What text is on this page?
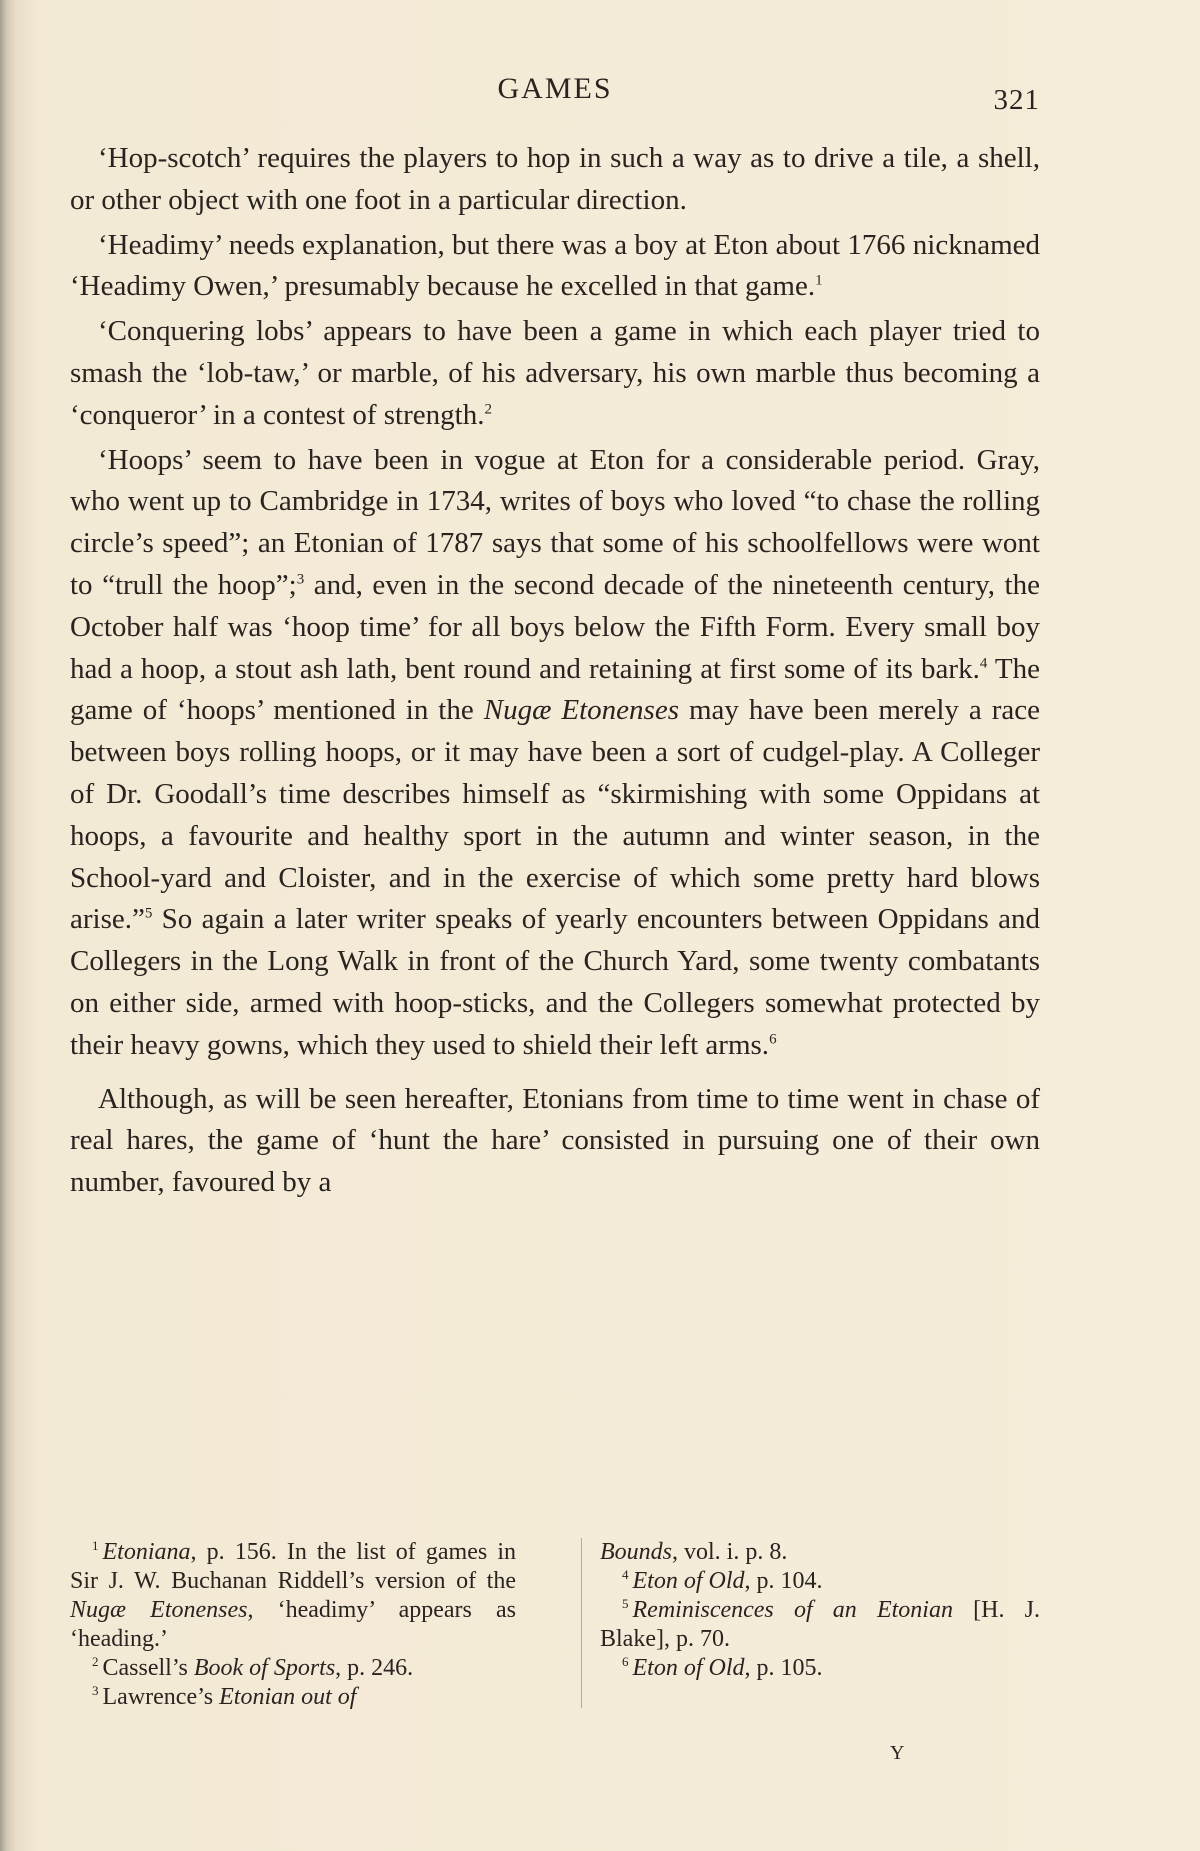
GAMES	321

‘Hop-scotch’ requires the players to hop in such a way as to drive a tile, a shell, or other object with one foot in a particular direction.

‘Headimy’ needs explanation, but there was a boy at Eton about 1766 nicknamed ‘Headimy Owen,’ presumably because he excelled in that game.$^1$

‘Conquering lobs’ appears to have been a game in which each player tried to smash the ‘lob-taw,’ or marble, of his adversary, his own marble thus becoming a ‘conqueror’ in a contest of strength.$^2$

‘Hoops’ seem to have been in vogue at Eton for a considerable period. Gray, who went up to Cambridge in 1734, writes of boys who loved “to chase the rolling circle’s speed”; an Etonian of 1787 says that some of his schoolfellows were wont to “trull the hoop”;$^3$ and, even in the second decade of the nineteenth century, the October half was ‘hoop time’ for all boys below the Fifth Form. Every small boy had a hoop, a stout ash lath, bent round and retaining at first some of its bark.$^4$ The game of ‘hoops’ mentioned in the Nugæ Etonenses may have been merely a race between boys rolling hoops, or it may have been a sort of cudgel-play. A Colleger of Dr. Goodall’s time describes himself as “skirmishing with some Oppidans at hoops, a favourite and healthy sport in the autumn and winter season, in the School-yard and Cloister, and in the exercise of which some pretty hard blows arise.”$^5$ So again a later writer speaks of yearly encounters between Oppidans and Collegers in the Long Walk in front of the Church Yard, some twenty combatants on either side, armed with hoop-sticks, and the Collegers somewhat protected by their heavy gowns, which they used to shield their left arms.$^6$

Although, as will be seen hereafter, Etonians from time to time went in chase of real hares, the game of ‘hunt the hare’ consisted in pursuing one of their own number, favoured by a

$^1$ Etoniana, p. 156. In the list of games in Sir J. W. Buchanan Riddell’s version of the Nugæ Etonenses, ‘headimy’ appears as ‘heading.’

$^2$ Cassell’s Book of Sports, p. 246.

$^3$ Lawrence’s Etonian out of

Bounds, vol. i. p. 8.

$^4$ Eton of Old, p. 104.

$^5$ Reminiscences of an Etonian [H. J. Blake], p. 70.

$^6$ Eton of Old, p. 105.

Y
